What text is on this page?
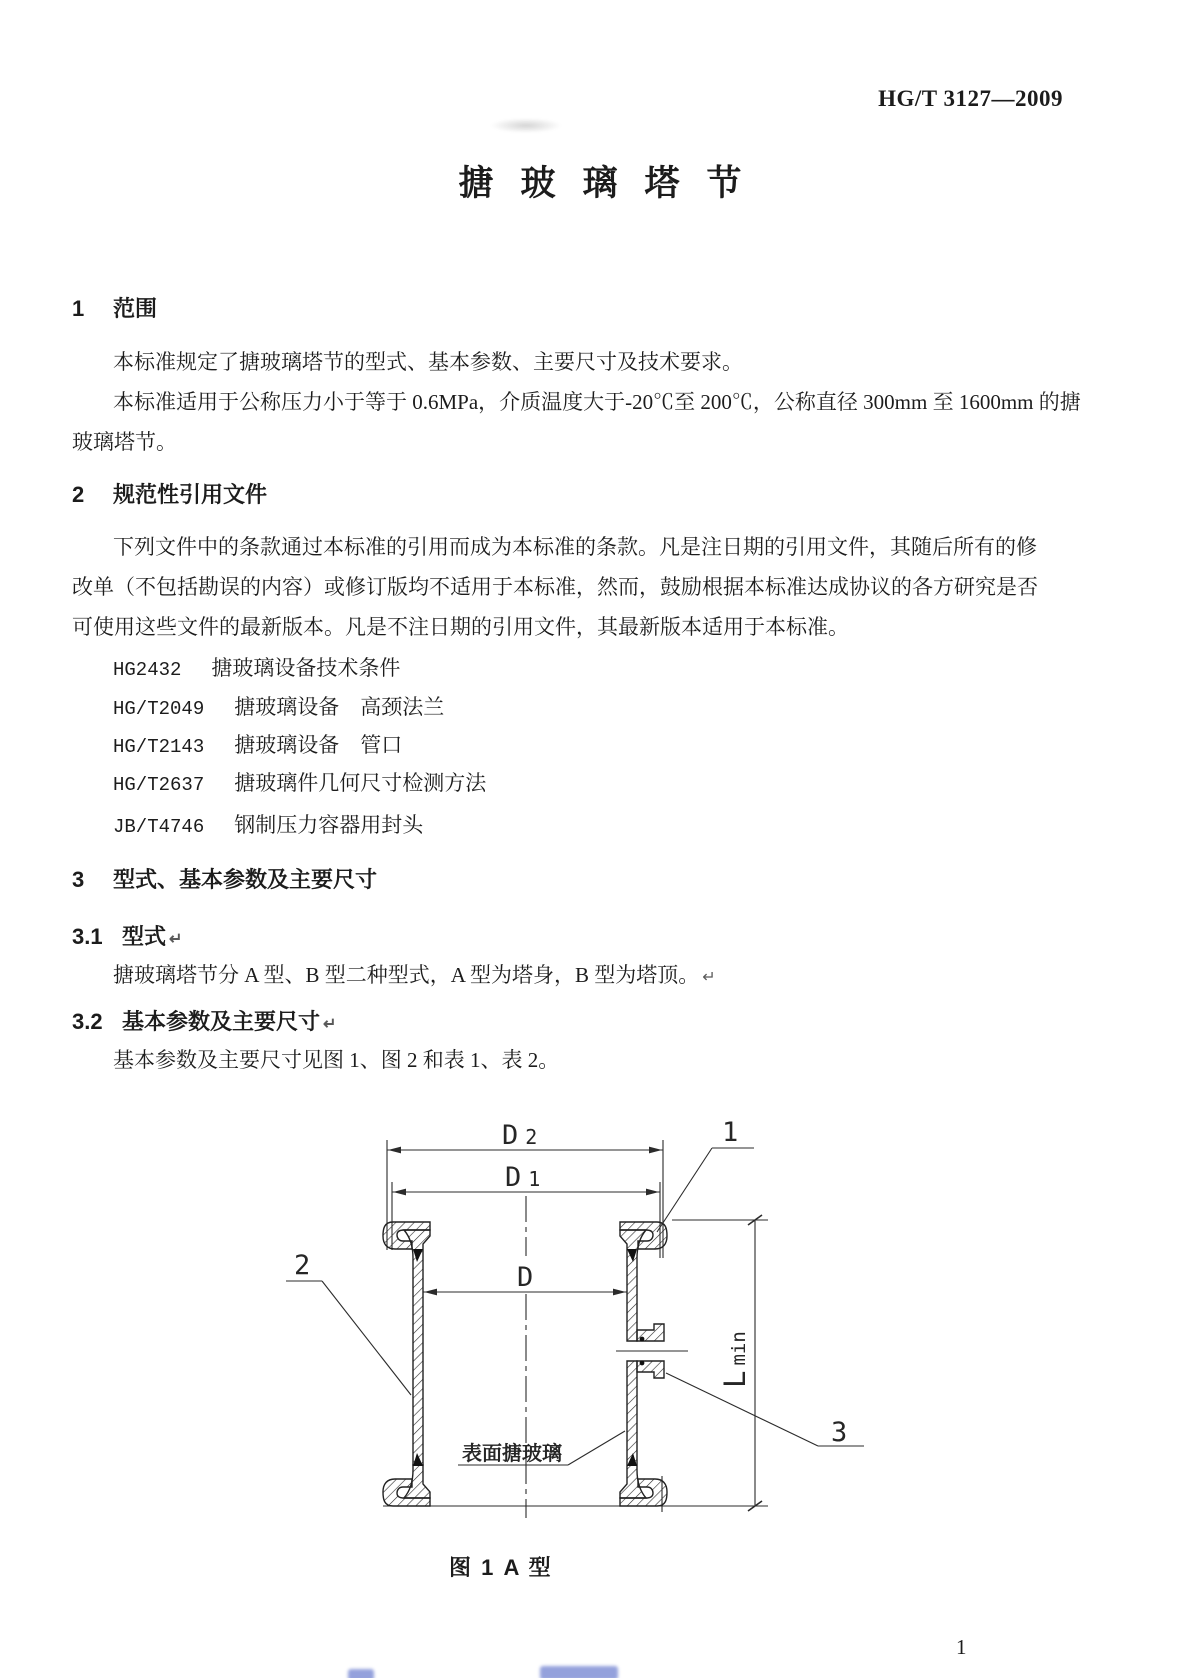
HG/T 3127—2009
搪玻璃塔节
1 范围
本标准规定了搪玻璃塔节的型式、基本参数、主要尺寸及技术要求。
本标准适用于公称压力小于等于 0.6MPa，介质温度大于-20℃至 200℃，公称直径 300mm 至 1600mm 的搪
玻璃塔节。
2 规范性引用文件
下列文件中的条款通过本标准的引用而成为本标准的条款。凡是注日期的引用文件，其随后所有的修
改单（不包括勘误的内容）或修订版均不适用于本标准，然而，鼓励根据本标准达成协议的各方研究是否
可使用这些文件的最新版本。凡是不注日期的引用文件，其最新版本适用于本标准。
HG2432 搪玻璃设备技术条件
HG/T2049 搪玻璃设备　高颈法兰
HG/T2143 搪玻璃设备　管口
HG/T2637 搪玻璃件几何尺寸检测方法
JB/T4746 钢制压力容器用封头
3 型式、基本参数及主要尺寸
3.1 型式 ↵
搪玻璃塔节分 A 型、B 型二种型式，A 型为塔身，B 型为塔顶。 ↵
3.2 基本参数及主要尺寸 ↵
基本参数及主要尺寸见图 1、图 2 和表 1、表 2。
D 2
D 1
D
Lmin
1
2
3
表面搪玻璃
图 1 A 型
1
